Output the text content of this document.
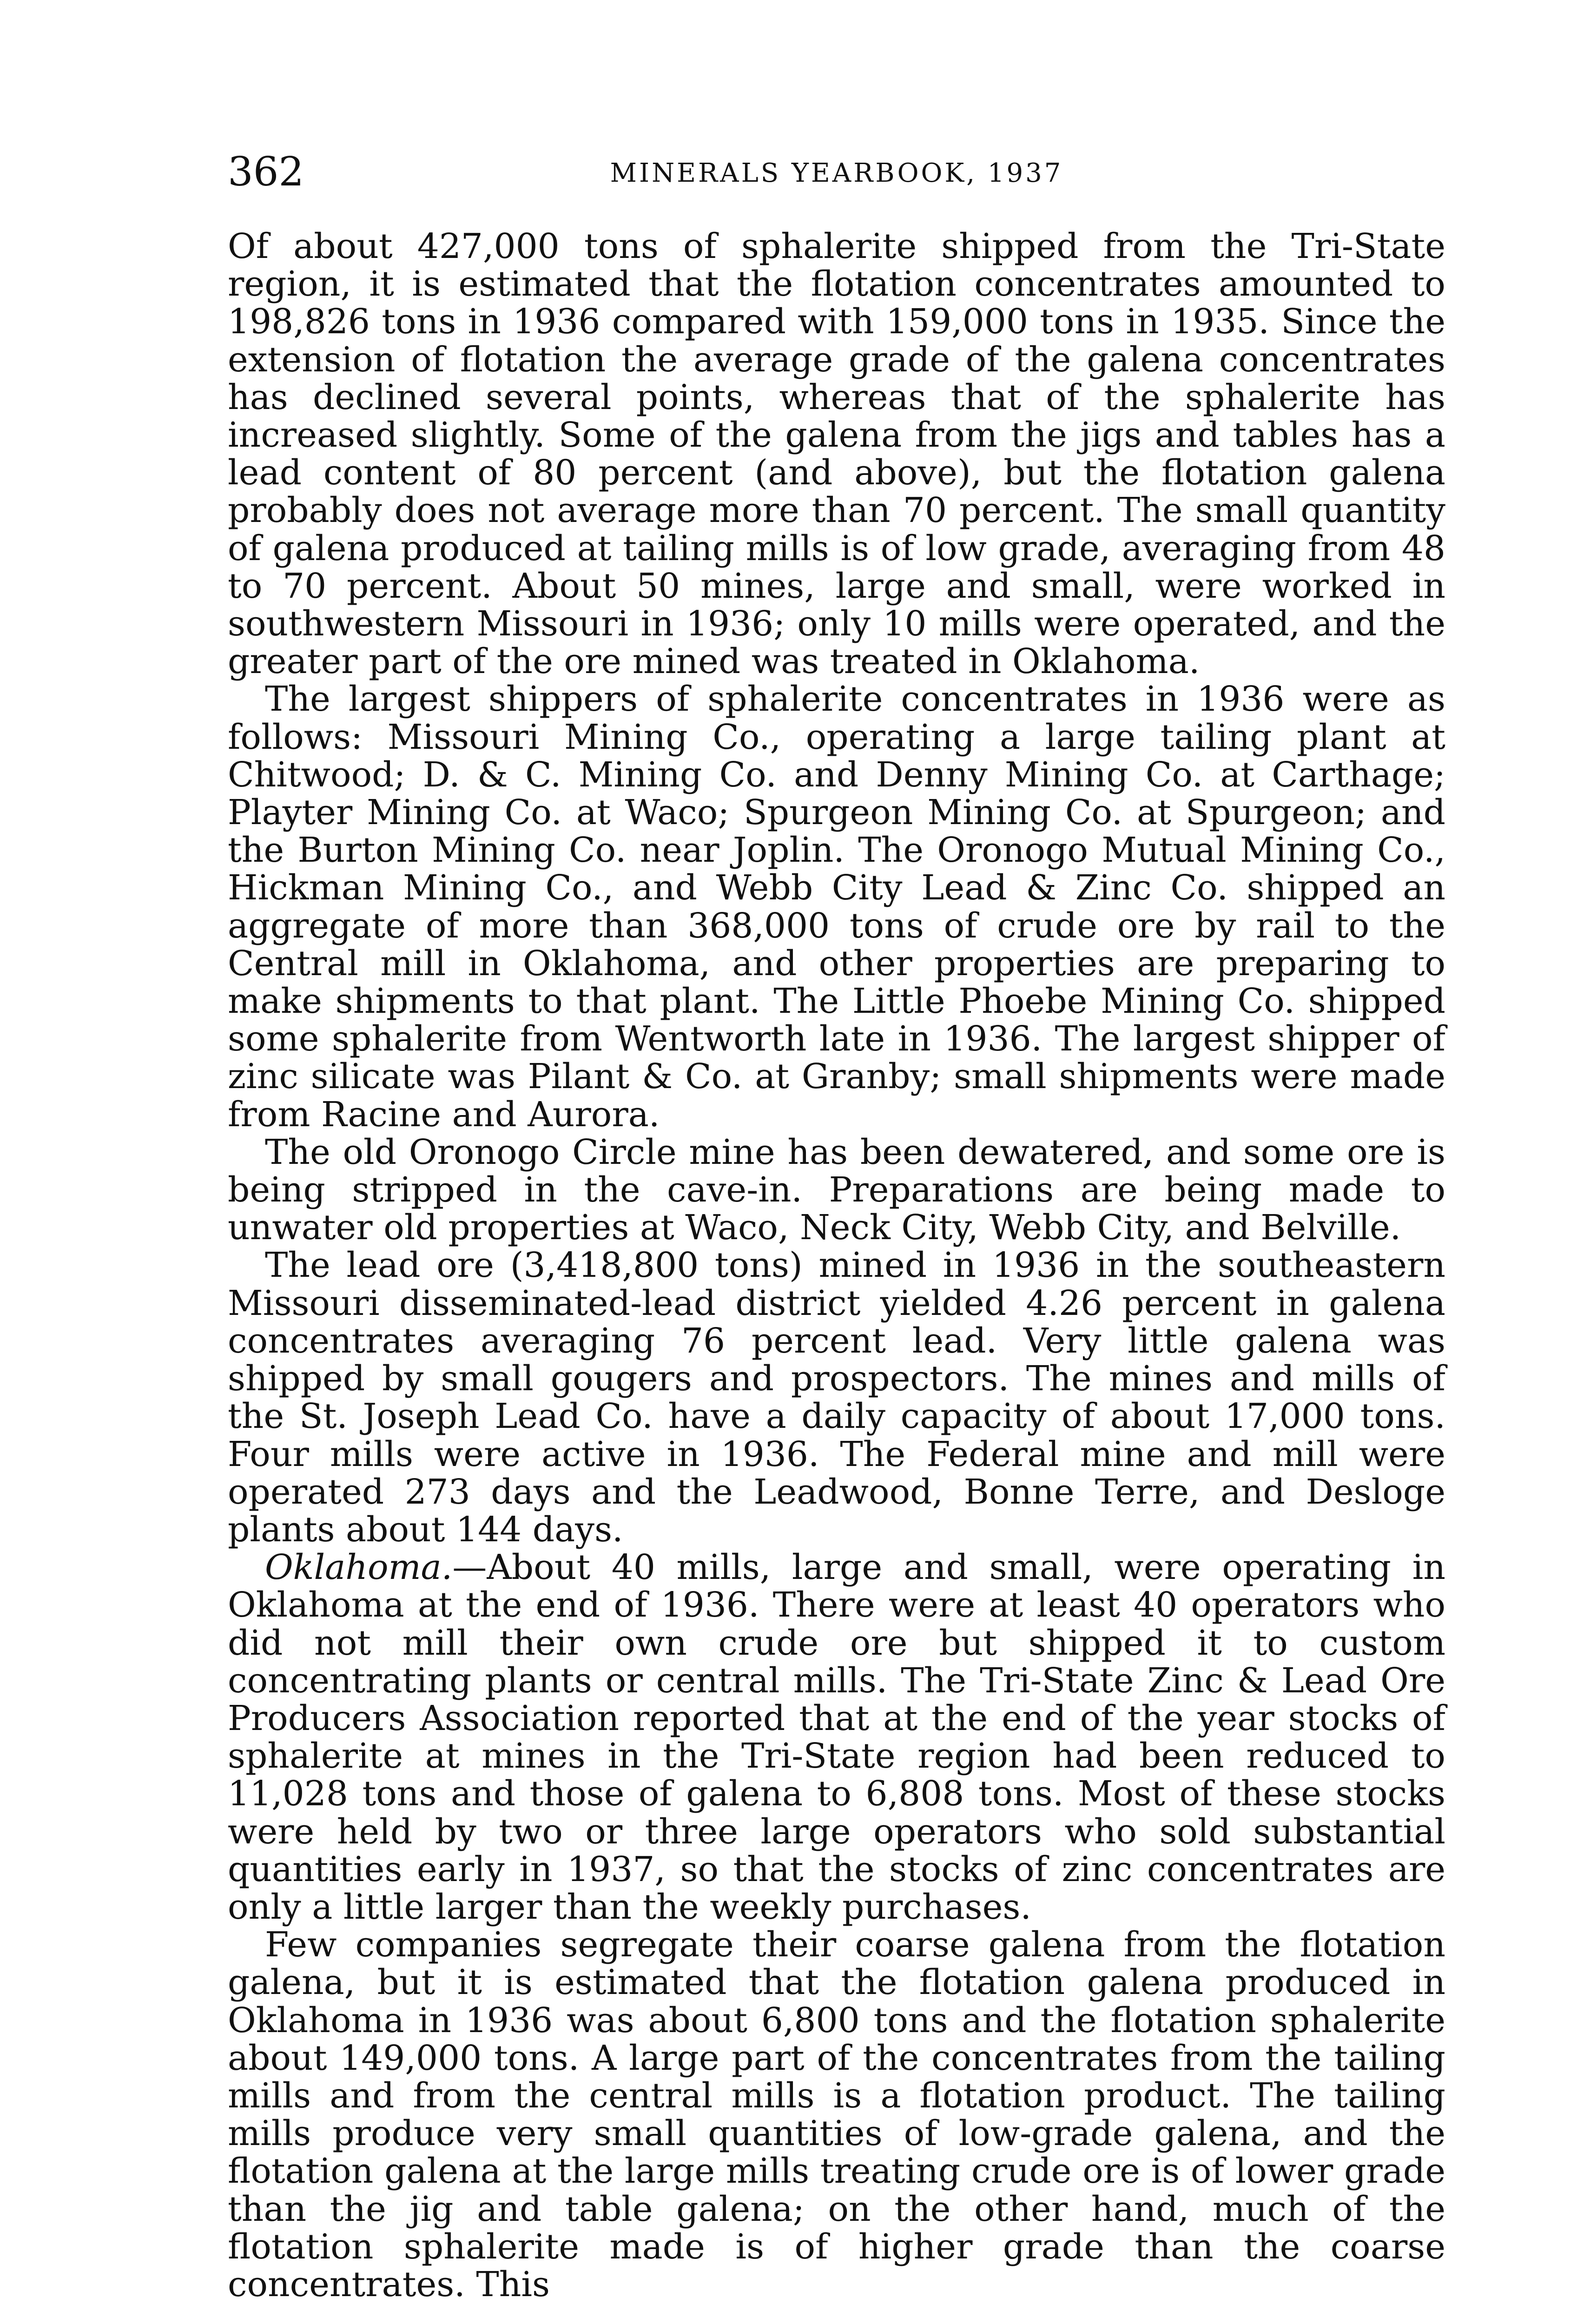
362	MINERALS YEARBOOK, 1937

Of about 427,000 tons of sphalerite shipped from the Tri-State region, it is estimated that the flotation concentrates amounted to 198,826 tons in 1936 compared with 159,000 tons in 1935. Since the extension of flotation the average grade of the galena concentrates has declined several points, whereas that of the sphalerite has increased slightly. Some of the galena from the jigs and tables has a lead content of 80 percent (and above), but the flotation galena probably does not average more than 70 percent. The small quantity of galena produced at tailing mills is of low grade, averaging from 48 to 70 percent. About 50 mines, large and small, were worked in southwestern Missouri in 1936; only 10 mills were operated, and the greater part of the ore mined was treated in Oklahoma.

The largest shippers of sphalerite concentrates in 1936 were as follows: Missouri Mining Co., operating a large tailing plant at Chitwood; D. & C. Mining Co. and Denny Mining Co. at Carthage; Playter Mining Co. at Waco; Spurgeon Mining Co. at Spurgeon; and the Burton Mining Co. near Joplin. The Oronogo Mutual Mining Co., Hickman Mining Co., and Webb City Lead & Zinc Co. shipped an aggregate of more than 368,000 tons of crude ore by rail to the Central mill in Oklahoma, and other properties are preparing to make shipments to that plant. The Little Phoebe Mining Co. shipped some sphalerite from Wentworth late in 1936. The largest shipper of zinc silicate was Pilant & Co. at Granby; small shipments were made from Racine and Aurora.

The old Oronogo Circle mine has been dewatered, and some ore is being stripped in the cave-in. Preparations are being made to unwater old properties at Waco, Neck City, Webb City, and Belville.

The lead ore (3,418,800 tons) mined in 1936 in the southeastern Missouri disseminated-lead district yielded 4.26 percent in galena concentrates averaging 76 percent lead. Very little galena was shipped by small gougers and prospectors. The mines and mills of the St. Joseph Lead Co. have a daily capacity of about 17,000 tons. Four mills were active in 1936. The Federal mine and mill were operated 273 days and the Leadwood, Bonne Terre, and Desloge plants about 144 days.

Oklahoma.—About 40 mills, large and small, were operating in Oklahoma at the end of 1936. There were at least 40 operators who did not mill their own crude ore but shipped it to custom concentrating plants or central mills. The Tri-State Zinc & Lead Ore Producers Association reported that at the end of the year stocks of sphalerite at mines in the Tri-State region had been reduced to 11,028 tons and those of galena to 6,808 tons. Most of these stocks were held by two or three large operators who sold substantial quantities early in 1937, so that the stocks of zinc concentrates are only a little larger than the weekly purchases.

Few companies segregate their coarse galena from the flotation galena, but it is estimated that the flotation galena produced in Oklahoma in 1936 was about 6,800 tons and the flotation sphalerite about 149,000 tons. A large part of the concentrates from the tailing mills and from the central mills is a flotation product. The tailing mills produce very small quantities of low-grade galena, and the flotation galena at the large mills treating crude ore is of lower grade than the jig and table galena; on the other hand, much of the flotation sphalerite made is of higher grade than the coarse concentrates. This
